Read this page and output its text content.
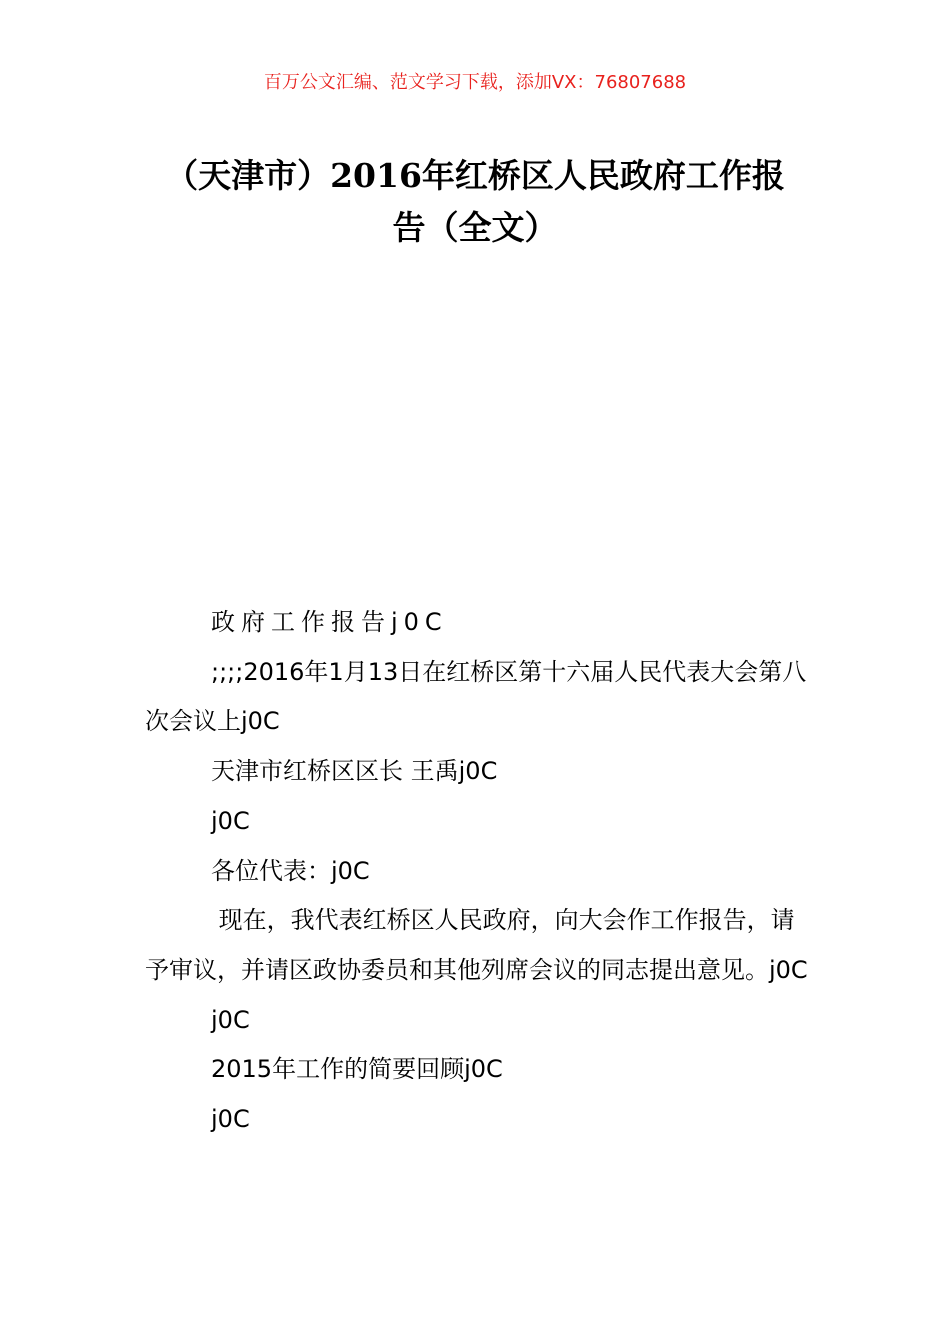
百万公文汇编、范文学习下载，添加VX：76807688
（天津市）2016年红桥区人民政府工作报
告（全文）

政府工作报告j0C

;;;;2016年1月13日在红桥区第十六届人民代表大会第八次会议上j0C

天津市红桥区区长 王禹j0C

j0C

各位代表：j0C

现在，我代表红桥区人民政府，向大会作工作报告，请予审议，并请区政协委员和其他列席会议的同志提出意见。j0C

j0C

2015年工作的简要回顾j0C

j0C
